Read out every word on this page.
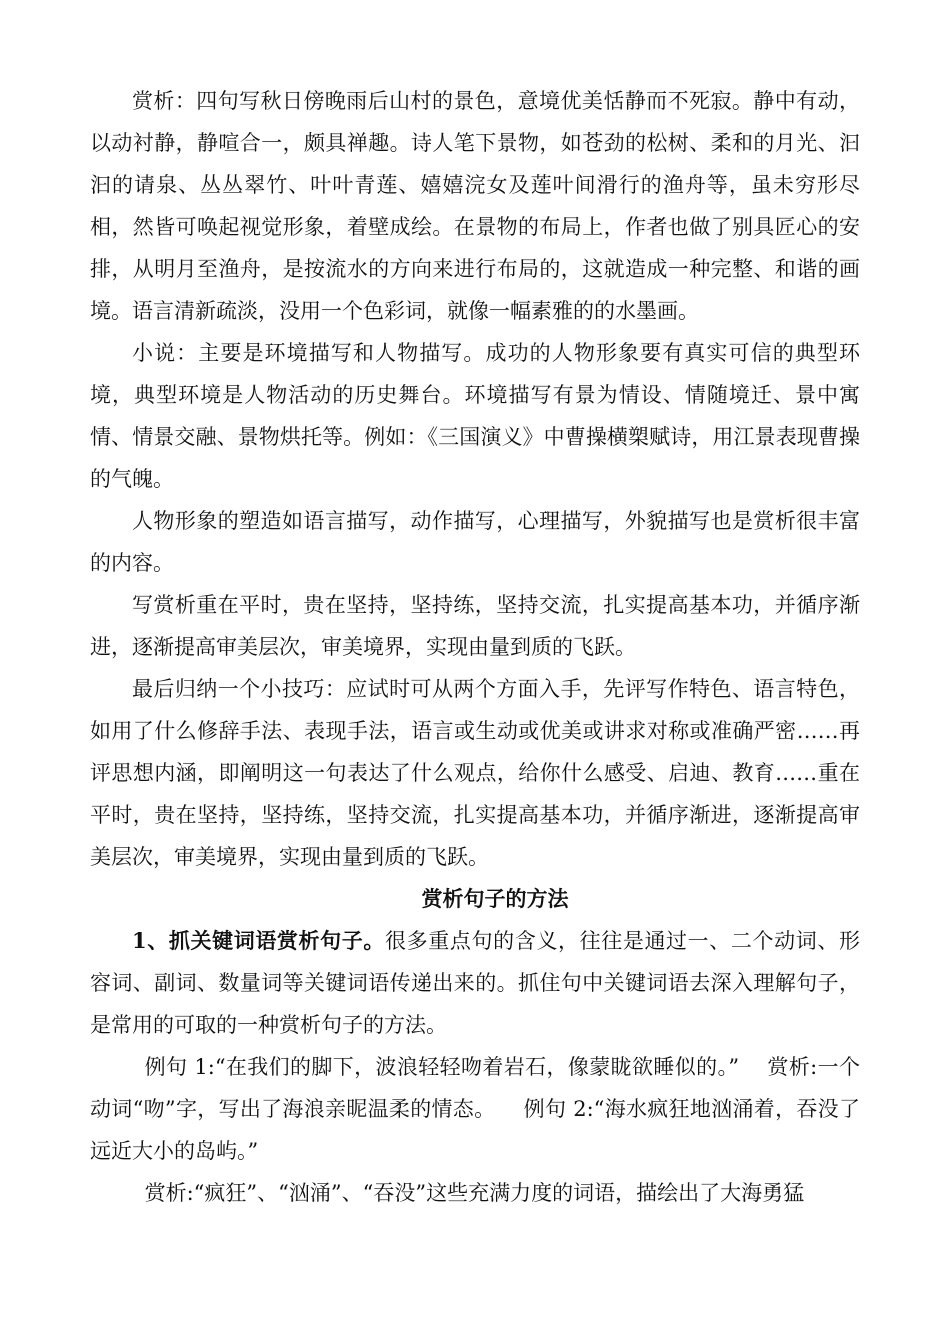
赏析：四句写秋日傍晚雨后山村的景色，意境优美恬静而不死寂。静中有动，以动衬静，静喧合一，颇具禅趣。诗人笔下景物，如苍劲的松树、柔和的月光、汩汩的请泉、丛丛翠竹、叶叶青莲、嬉嬉浣女及莲叶间滑行的渔舟等，虽未穷形尽相，然皆可唤起视觉形象，着壁成绘。在景物的布局上，作者也做了别具匠心的安排，从明月至渔舟，是按流水的方向来进行布局的，这就造成一种完整、和谐的画境。语言清新疏淡，没用一个色彩词，就像一幅素雅的的水墨画。

小说：主要是环境描写和人物描写。成功的人物形象要有真实可信的典型环境，典型环境是人物活动的历史舞台。环境描写有景为情设、情随境迁、景中寓情、情景交融、景物烘托等。例如：《三国演义》中曹操横槊赋诗，用江景表现曹操的气魄。

人物形象的塑造如语言描写，动作描写，心理描写，外貌描写也是赏析很丰富的内容。

写赏析重在平时，贵在坚持，坚持练，坚持交流，扎实提高基本功，并循序渐进，逐渐提高审美层次，审美境界，实现由量到质的飞跃。

最后归纳一个小技巧：应试时可从两个方面入手，先评写作特色、语言特色，如用了什么修辞手法、表现手法，语言或生动或优美或讲求对称或准确严密……再评思想内涵，即阐明这一句表达了什么观点，给你什么感受、启迪、教育……重在平时，贵在坚持，坚持练，坚持交流，扎实提高基本功，并循序渐进，逐渐提高审美层次，审美境界，实现由量到质的飞跃。

赏析句子的方法

1、抓关键词语赏析句子。很多重点句的含义，往往是通过一、二个动词、形容词、副词、数量词等关键词语传递出来的。抓住句中关键词语去深入理解句子，是常用的可取的一种赏析句子的方法。

例句 1:“在我们的脚下，波浪轻轻吻着岩石，像蒙眬欲睡似的。” 赏析:一个动词“吻”字，写出了海浪亲昵温柔的情态。 例句 2:“海水疯狂地汹涌着，吞没了远近大小的岛屿。”

赏析:“疯狂”、“汹涌”、“吞没”这些充满力度的词语，描绘出了大海勇猛
